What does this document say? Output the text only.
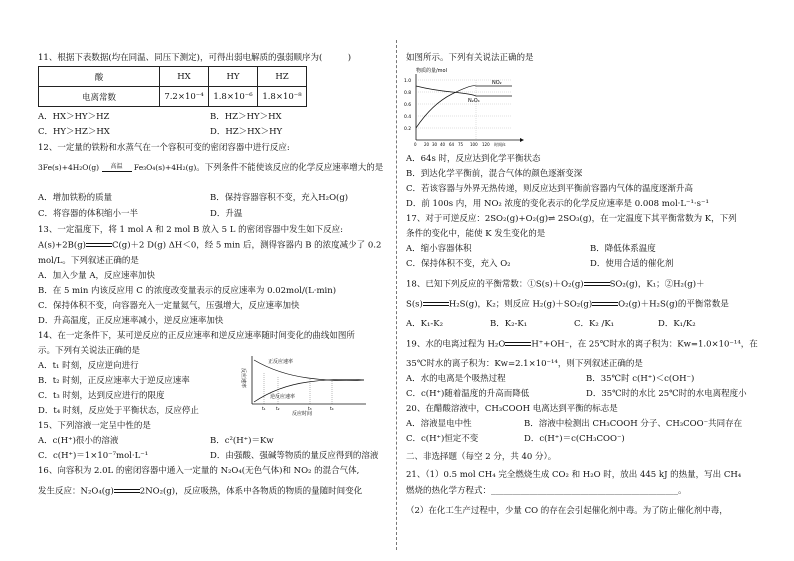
11、根据下表数据(均在同温、同压下测定)，可得出弱电解质的强弱顺序为(　　　)
酸	HX	HY	HZ
电离常数	7.2×10⁻⁴	1.8×10⁻⁶	1.8×10⁻⁸
A．HX＞HY＞HZ	B．HZ＞HY＞HX
C．HY＞HZ＞HX	D．HZ＞HX＞HY
12、一定量的铁粉和水蒸气在一个容积可变的密闭容器中进行反应:
3Fe(s)+4H₂O(g) 高温 Fe₃O₄(s)+4H₂(g)。下列条件不能使该反应的化学反应速率增大的是
A．增加铁粉的质量	B．保持容器容积不变，充入H₂O(g)
C．将容器的体积缩小一半	D．升温
13、一定温度下，将 1 mol A 和 2 mol B 放入 5 L 的密闭容器中发生如下反应:
A(s)+2B(g)	C(g)＋2 D(g) ΔH＜0，经 5 min 后，测得容器内 B 的浓度减少了 0.2
mol/L。下列叙述正确的是
A．加入少量 A，反应速率加快
B．在 5 min 内该反应用 C 的浓度改变量表示的反应速率为 0.02mol/(L·min)
C．保持体积不变，向容器充入一定量氦气，压强增大，反应速率加快
D．升高温度，正反应速率减小，逆反应速率加快
14、在一定条件下，某可逆反应的正反应速率和逆反应速率随时间变化的曲线如图所
示。下列有关说法正确的是
A．t₁ 时刻，反应逆向进行
B．t₂ 时刻，正反应速率大于逆反应速率
C．t₃ 时刻，达到反应进行的限度
D．t₄ 时刻，反应处于平衡状态，反应停止
反应速率
正反应速率
逆反应速率
t₁ t₂	t₃	t₄
反应时间
15、下列溶液一定呈中性的是
A．c(H⁺)很小的溶液	B．c²(H⁺)＝Kw
C．c(H⁺)＝1×10⁻⁷mol·L⁻¹	D．由强酸、强碱等物质的量反应得到的溶液
16、向容积为 2.0L 的密闭容器中通入一定量的 N₂O₄(无色气体)和 NO₂ 的混合气体,
发生反应：N₂O₄(g)	2NO₂(g)，反应吸热，体系中各物质的物质的量随时间变化
如图所示。下列有关说法正确的是
物质的量/mol
1.0
0.8
0.6
0.4
0.2
NO₂
N₂O₄
0 20 30 40 64 75 100 120 时间/s
A．64s 时，反应达到化学平衡状态
B．到达化学平衡前，混合气体的颜色逐渐变深
C．若该容器与外界无热传递，则反应达到平衡前容器内气体的温度逐渐升高
D．前 100s 内，用 NO₂ 浓度的变化表示的化学反应速率是 0.008 mol·L⁻¹·s⁻¹
17、对于可逆反应：2SO₂(g)+O₂(g)⇌ 2SO₃(g)，在一定温度下其平衡常数为 K，下列
条件的变化中，能使 K 发生变化的是
A．缩小容器体积	B．降低体系温度
C．保持体积不变，充入 O₂	D．使用合适的催化剂
18、已知下列反应的平衡常数：①S(s)＋O₂(g)	SO₂(g)，K₁；②H₂(g)＋
S(s)	H₂S(g)，K₂；则反应 H₂(g)＋SO₂(g)	O₂(g)＋H₂S(g)的平衡常数是
A．K₁-K₂	B．K₂-K₁	C．K₂ /K₁	D．K₁/K₂
19、水的电离过程为 H₂O	H⁺+OH⁻，在 25℃时水的离子积为：Kw=1.0×10⁻¹⁴，在
35℃时水的离子积为：Kw=2.1×10⁻¹⁴，则下列叙述正确的是
A．水的电离是个吸热过程	B．35℃时 c(H⁺)＜c(OH⁻)
C．c(H⁺)随着温度的升高而降低	D．35℃时的水比 25℃时的水电离程度小
20、在醋酸溶液中，CH₃COOH 电离达到平衡的标志是
A．溶液显电中性	B．溶液中检测出 CH₃COOH 分子、CH₃COO⁻共同存在
C．c(H⁺)恒定不变	D．c(H⁺)＝c(CH₃COO⁻)
二、非选择题（每空 2 分，共 40 分）。
21、（1）0.5 mol CH₄ 完全燃烧生成 CO₂ 和 H₂O 时，放出 445 kJ 的热量，写出 CH₄
燃烧的热化学方程式：____________________________________________。
（2）在化工生产过程中，少量 CO 的存在会引起催化剂中毒。为了防止催化剂中毒，
